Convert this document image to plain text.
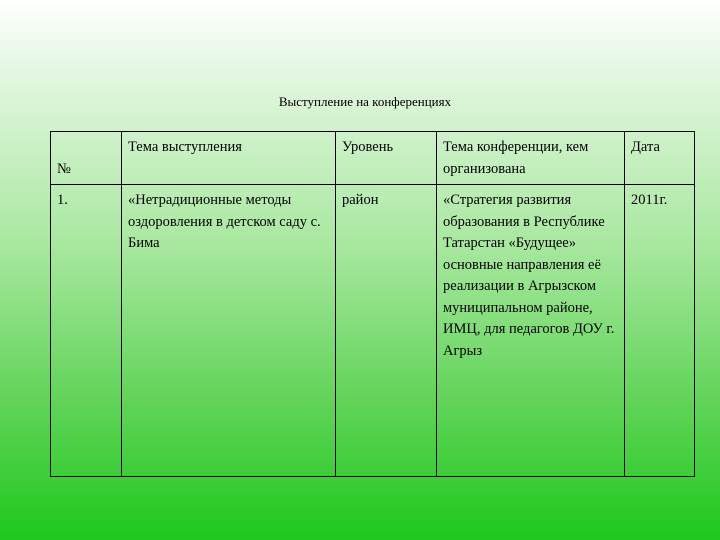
Выступление на конференциях
№	Тема выступления	Уровень	Тема конференции, кем организована	Дата
1.	«Нетрадиционные методы оздоровления в детском саду с. Бима	район	«Стратегия развития образования в Республике Татарстан «Будущее» основные направления её реализации в Агрызском муниципальном районе, ИМЦ, для педагогов ДОУ г. Агрыз	2011г.
